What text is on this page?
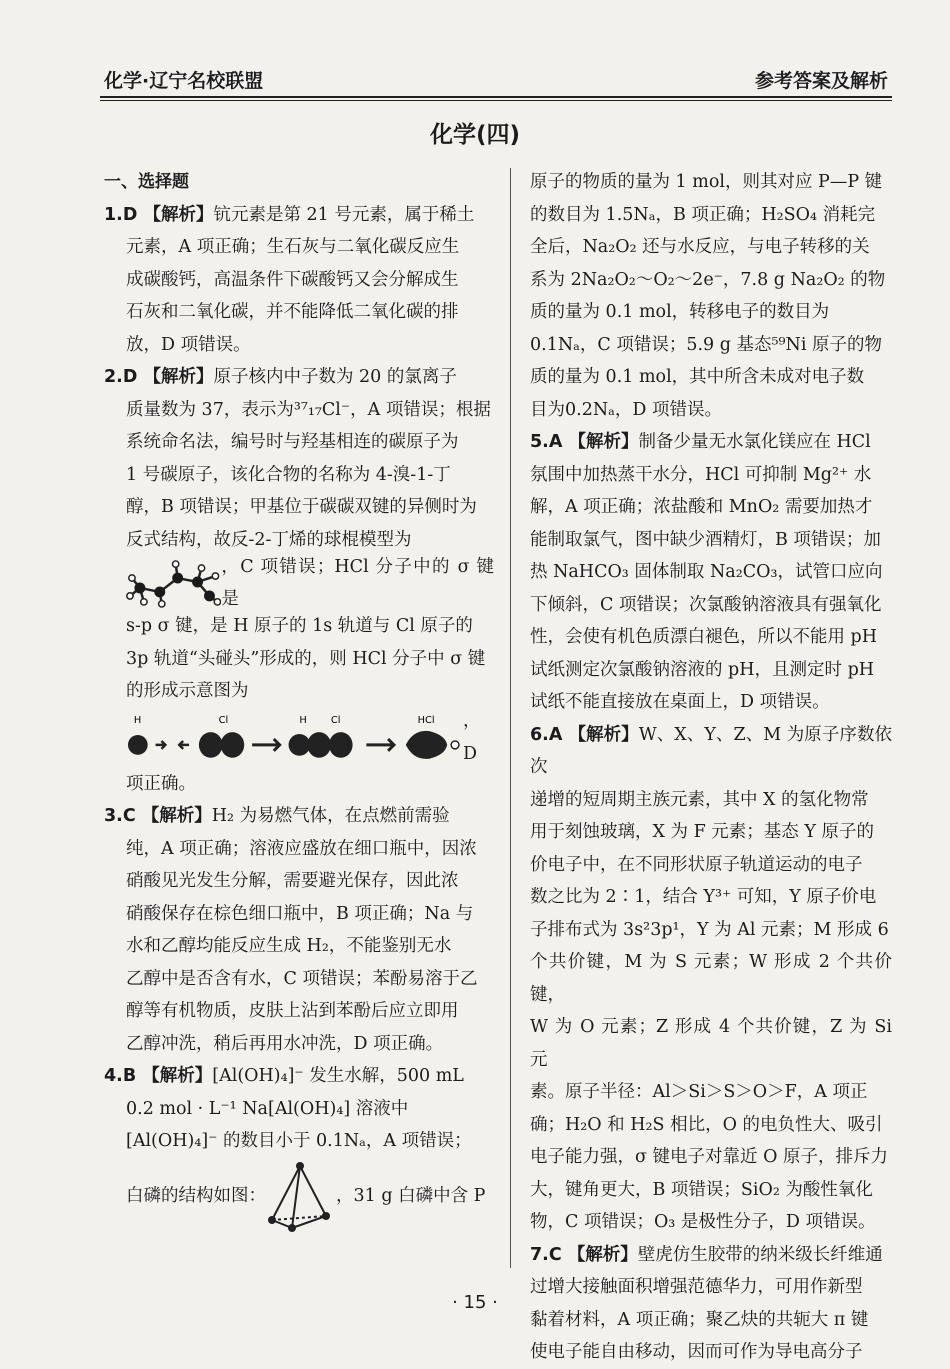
化学·辽宁名校联盟	参考答案及解析
化学(四)
一、选择题

1.D 【解析】钪元素是第 21 号元素，属于稀土

元素，A 项正确；生石灰与二氧化碳反应生

成碳酸钙，高温条件下碳酸钙又会分解成生

石灰和二氧化碳，并不能降低二氧化碳的排

放，D 项错误。

2.D 【解析】原子核内中子数为 20 的氯离子

质量数为 37，表示为³⁷₁₇Cl⁻，A 项错误；根据

系统命名法，编号时与羟基相连的碳原子为

1 号碳原子，该化合物的名称为 4-溴-1-丁

醇，B 项错误；甲基位于碳碳双键的异侧时为

反式结构，故反-2-丁烯的球棍模型为

，C 项错误；HCl 分子中的 σ 键是

s-p σ 键，是 H 原子的 1s 轨道与 Cl 原子的

3p 轨道“头碰头”形成的，则 HCl 分子中 σ 键

的形成示意图为

H	Cl	H Cl	HCl ，D

项正确。

3.C 【解析】H₂ 为易燃气体，在点燃前需验

纯，A 项正确；溶液应盛放在细口瓶中，因浓

硝酸见光发生分解，需要避光保存，因此浓

硝酸保存在棕色细口瓶中，B 项正确；Na 与

水和乙醇均能反应生成 H₂，不能鉴别无水

乙醇中是否含有水，C 项错误；苯酚易溶于乙

醇等有机物质，皮肤上沾到苯酚后应立即用

乙醇冲洗，稍后再用水冲洗，D 项正确。

4.B 【解析】[Al(OH)₄]⁻ 发生水解，500 mL

0.2 mol · L⁻¹ Na[Al(OH)₄] 溶液中

[Al(OH)₄]⁻ 的数目小于 0.1Nₐ，A 项错误；

白磷的结构如图：	，31 g 白磷中含 P

原子的物质的量为 1 mol，则其对应 P—P 键

的数目为 1.5Nₐ，B 项正确；H₂SO₄ 消耗完

全后，Na₂O₂ 还与水反应，与电子转移的关

系为 2Na₂O₂～O₂～2e⁻，7.8 g Na₂O₂ 的物

质的量为 0.1 mol，转移电子的数目为

0.1Nₐ，C 项错误；5.9 g 基态⁵⁹Ni 原子的物

质的量为 0.1 mol，其中所含未成对电子数

目为0.2Nₐ，D 项错误。

5.A 【解析】制备少量无水氯化镁应在 HCl

氛围中加热蒸干水分，HCl 可抑制 Mg²⁺ 水

解，A 项正确；浓盐酸和 MnO₂ 需要加热才

能制取氯气，图中缺少酒精灯，B 项错误；加

热 NaHCO₃ 固体制取 Na₂CO₃，试管口应向

下倾斜，C 项错误；次氯酸钠溶液具有强氧化

性，会使有机色质漂白褪色，所以不能用 pH

试纸测定次氯酸钠溶液的 pH，且测定时 pH

试纸不能直接放在桌面上，D 项错误。

6.A 【解析】W、X、Y、Z、M 为原子序数依次

递增的短周期主族元素，其中 X 的氢化物常

用于刻蚀玻璃，X 为 F 元素；基态 Y 原子的

价电子中，在不同形状原子轨道运动的电子

数之比为 2∶1，结合 Y³⁺ 可知，Y 原子价电

子排布式为 3s²3p¹，Y 为 Al 元素；M 形成 6

个共价键，M 为 S 元素；W 形成 2 个共价键，

W 为 O 元素；Z 形成 4 个共价键，Z 为 Si 元

素。原子半径：Al＞Si＞S＞O＞F，A 项正

确；H₂O 和 H₂S 相比，O 的电负性大、吸引

电子能力强，σ 键电子对靠近 O 原子，排斥力

大，键角更大，B 项错误；SiO₂ 为酸性氧化

物，C 项错误；O₃ 是极性分子，D 项错误。

7.C 【解析】壁虎仿生胶带的纳米级长纤维通

过增大接触面积增强范德华力，可用作新型

黏着材料，A 项正确；聚乙炔的共轭大 π 键

使电子能自由移动，因而可作为导电高分子

· 15 ·
